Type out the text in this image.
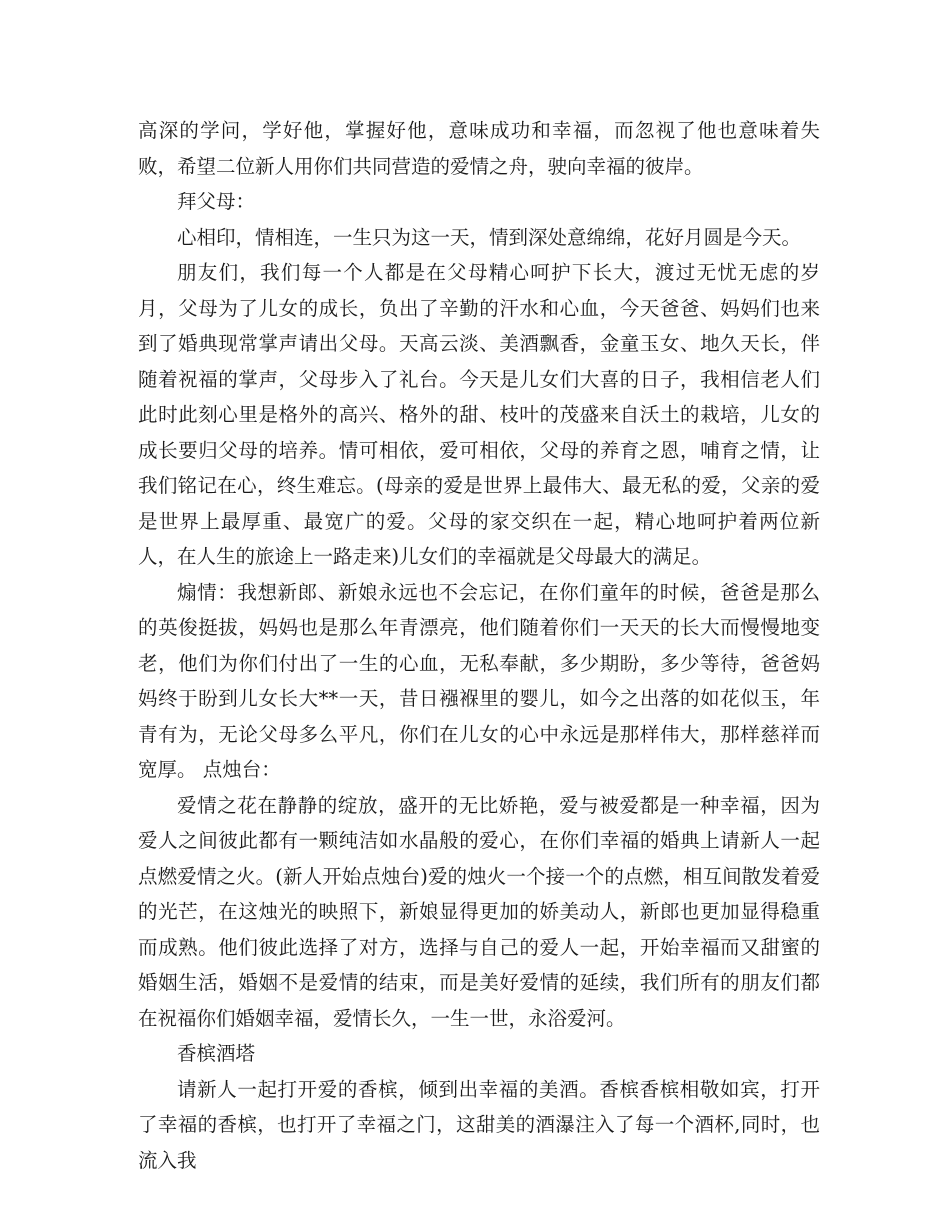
高深的学问，学好他，掌握好他，意味成功和幸福，而忽视了他也意味着失败，希望二位新人用你们共同营造的爱情之舟，驶向幸福的彼岸。

拜父母：

心相印，情相连，一生只为这一天，情到深处意绵绵，花好月圆是今天。

朋友们，我们每一个人都是在父母精心呵护下长大，渡过无忧无虑的岁月，父母为了儿女的成长，负出了辛勤的汗水和心血，今天爸爸、妈妈们也来到了婚典现常掌声请出父母。天高云淡、美酒飘香，金童玉女、地久天长，伴随着祝福的掌声，父母步入了礼台。今天是儿女们大喜的日子，我相信老人们此时此刻心里是格外的高兴、格外的甜、枝叶的茂盛来自沃土的栽培，儿女的成长要归父母的培养。情可相依，爱可相依，父母的养育之恩，哺育之情，让我们铭记在心，终生难忘。(母亲的爱是世界上最伟大、最无私的爱，父亲的爱是世界上最厚重、最宽广的爱。父母的家交织在一起，精心地呵护着两位新人，在人生的旅途上一路走来)儿女们的幸福就是父母最大的满足。

煽情：我想新郎、新娘永远也不会忘记，在你们童年的时候，爸爸是那么的英俊挺拔，妈妈也是那么年青漂亮，他们随着你们一天天的长大而慢慢地变老，他们为你们付出了一生的心血，无私奉献，多少期盼，多少等待，爸爸妈妈终于盼到儿女长大**一天，昔日襁褓里的婴儿，如今之出落的如花似玉，年青有为，无论父母多么平凡，你们在儿女的心中永远是那样伟大，那样慈祥而宽厚。 点烛台：

爱情之花在静静的绽放，盛开的无比娇艳，爱与被爱都是一种幸福，因为爱人之间彼此都有一颗纯洁如水晶般的爱心，在你们幸福的婚典上请新人一起点燃爱情之火。(新人开始点烛台)爱的烛火一个接一个的点燃，相互间散发着爱的光芒，在这烛光的映照下，新娘显得更加的娇美动人，新郎也更加显得稳重而成熟。他们彼此选择了对方，选择与自己的爱人一起，开始幸福而又甜蜜的婚姻生活，婚姻不是爱情的结束，而是美好爱情的延续，我们所有的朋友们都在祝福你们婚姻幸福，爱情长久，一生一世，永浴爱河。

香槟酒塔

请新人一起打开爱的香槟，倾到出幸福的美酒。香槟香槟相敬如宾，打开了幸福的香槟，也打开了幸福之门，这甜美的酒瀑注入了每一个酒杯,同时，也流入我
